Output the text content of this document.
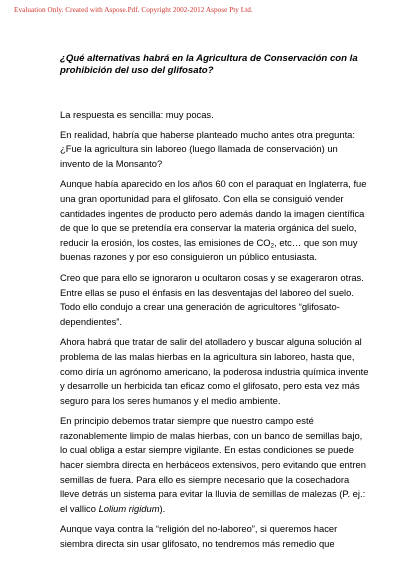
Evaluation Only. Created with Aspose.Pdf. Copyright 2002-2012 Aspose Pty Ltd.

¿Qué alternativas habrá en la Agricultura de Conservación con la prohibición del uso del glifosato?

La respuesta es sencilla: muy pocas.

En realidad, habría que haberse planteado mucho antes otra pregunta: ¿Fue la agricultura sin laboreo (luego llamada de conservación) un invento de la Monsanto?

Aunque había aparecido en los años 60 con el paraquat en Inglaterra, fue una gran oportunidad para el glifosato. Con ella se consiguió vender cantidades ingentes de producto pero además dando la imagen científica de que lo que se pretendía era conservar la materia orgánica del suelo, reducir la erosión, los costes, las emisiones de $CO_2$, etc… que son muy buenas razones y por eso consiguieron un público entusiasta.

Creo que para ello se ignoraron u ocultaron cosas y se exageraron otras. Entre ellas se puso el énfasis en las desventajas del laboreo del suelo. Todo ello condujo a crear una generación de agricultores “glifosato-dependientes”.

Ahora habrá que tratar de salir del atolladero y buscar alguna solución al problema de las malas hierbas en la agricultura sin laboreo, hasta que, como diría un agrónomo americano, la poderosa industria química invente y desarrolle un herbicida tan eficaz como el glifosato, pero esta vez más seguro para los seres humanos y el medio ambiente.

En principio debemos tratar siempre que nuestro campo esté razonablemente limpio de malas hierbas, con un banco de semillas bajo, lo cual obliga a estar siempre vigilante. En estas condiciones se puede hacer siembra directa en herbáceos extensivos, pero evitando que entren semillas de fuera. Para ello es siempre necesario que la cosechadora lleve detrás un sistema para evitar la lluvia de semillas de malezas (P. ej.: el vallico Lolium rigidum).

Aunque vaya contra la “religión del no-laboreo”, si queremos hacer siembra directa sin usar glifosato, no tendremos más remedio que
